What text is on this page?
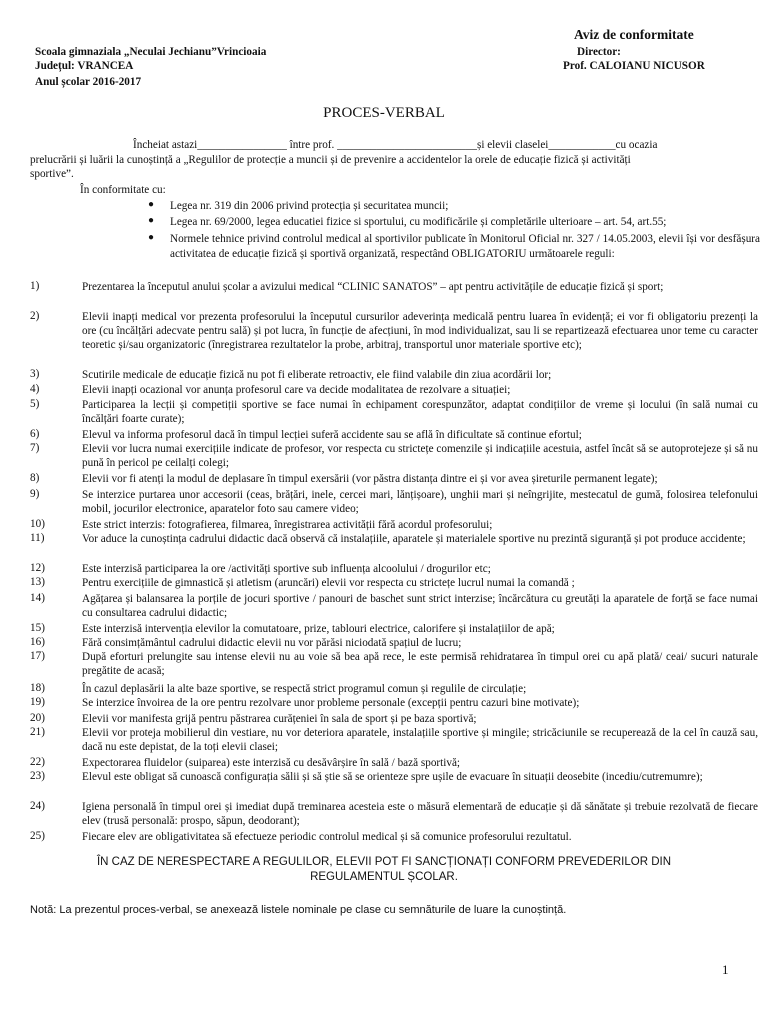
Aviz de conformitate
Scoala gimnaziala „Neculai Jechianu”Vrincioaia	Director:
Județul: VRANCEA	Prof. CALOIANU NICUSOR
Anul școlar 2016-2017
PROCES-VERBAL
Încheiat astazi________________ între prof. _________________________și elevii claselei____________cu ocazia
prelucrării și luării la cunoștință a „Regulilor de protecție a muncii și de prevenire a accidentelor la orele de educație fizică și activități
sportive”.
În conformitate cu:
● Legea nr. 319 din 2006 privind protecția și securitatea muncii;
● Legea nr. 69/2000, legea educatiei fizice si sportului, cu modificările și completările ulterioare – art. 54, art.55;
● Normele tehnice privind controlul medical al sportivilor publicate în Monitorul Oficial nr. 327 / 14.05.2003, elevii își vor desfășura activitatea de educație fizică și sportivă organizată, respectând OBLIGATORIU următoarele reguli:
1)	Prezentarea la începutul anului școlar a avizului medical “CLINIC SANATOS” – apt pentru activitățile de educație fizică și sport;
2)	Elevii inapți medical vor prezenta profesorului la începutul cursurilor adeverința medicală pentru luarea în evidență; ei vor fi obligatoriu prezenți la ore (cu încălțări adecvate pentru sală) și pot lucra, în funcție de afecțiuni, în mod individualizat, sau li se repartizează efectuarea unor teme cu caracter teoretic și/sau organizatoric (înregistrarea rezultatelor la probe, arbitraj, transportul unor materiale sportive etc);
3)	Scutirile medicale de educație fizică nu pot fi eliberate retroactiv, ele fiind valabile din ziua acordării lor;
4)	Elevii inapți ocazional vor anunța profesorul care va decide modalitatea de rezolvare a situației;
5)	Participarea la lecții și competiții sportive se face numai în echipament corespunzător, adaptat condițiilor de vreme și locului (în sală numai cu încălțări foarte curate);
6)	Elevul va informa profesorul dacă în timpul lecției suferă accidente sau se află în dificultate să continue efortul;
7)	Elevii vor lucra numai exercițiile indicate de profesor, vor respecta cu strictețe comenzile și indicațiile acestuia, astfel încât să se autoprotejeze și să nu pună în pericol pe ceilalți colegi;
8)	Elevii vor fi atenți la modul de deplasare în timpul exersării (vor păstra distanța dintre ei și vor avea șireturile permanent legate);
9)	Se interzice purtarea unor accesorii (ceas, brățări, inele, cercei mari, lănțișoare), unghii mari și neîngrijite, mestecatul de gumă, folosirea telefonului mobil, jocurilor electronice, aparatelor foto sau camere video;
10)	Este strict interzis: fotografierea, filmarea, înregistrarea activității fără acordul profesorului;
11)	Vor aduce la cunoștința cadrului didactic dacă observă că instalațiile, aparatele și materialele sportive nu prezintă siguranță și pot produce accidente;
12)	Este interzisă participarea la ore /activități sportive sub influența alcoolului / drogurilor etc;
13)	Pentru exercițiile de gimnastică și atletism (aruncări) elevii vor respecta cu strictețe lucrul numai la comandă ;
14)	Agățarea și balansarea la porțile de jocuri sportive / panouri de baschet sunt strict interzise; încărcătura cu greutăți la aparatele de forță se face numai cu consultarea cadrului didactic;
15)	Este interzisă intervenția elevilor la comutatoare, prize, tablouri electrice, calorifere și instalațiilor de apă;
16)	Fără consimțământul cadrului didactic elevii nu vor părăsi niciodată spațiul de lucru;
17)	După eforturi prelungite sau intense elevii nu au voie să bea apă rece, le este permisă rehidratarea în timpul orei cu apă plată/ ceai/ sucuri naturale pregătite de acasă;
18)	În cazul deplasării la alte baze sportive, se respectă strict programul comun și regulile de circulație;
19)	Se interzice învoirea de la ore pentru rezolvare unor probleme personale (excepții pentru cazuri bine motivate);
20)	Elevii vor manifesta grijă pentru păstrarea curățeniei în sala de sport și pe baza sportivă;
21)	Elevii vor proteja mobilierul din vestiare, nu vor deteriora aparatele, instalațiile sportive și mingile; stricăciunile se recuperează de la cel în cauză sau, dacă nu este depistat, de la toți elevii clasei;
22)	Expectorarea fluidelor (suiparea) este interzisă cu desăvârșire în sală / bază sportivă;
23)	Elevul este obligat să cunoască configurația sălii și să știe să se orienteze spre ușile de evacuare în situații deosebite (incediu/cutremumre);
24)	Igiena personală în timpul orei și imediat după treminarea acesteia este o măsură elementară de educație și dă sănătate și trebuie rezolvată de fiecare elev (trusă personală: prospo, săpun, deodorant);
25)	Fiecare elev are obligativitatea să efectueze periodic controlul medical și să comunice profesorului rezultatul.
ÎN CAZ DE NERESPECTARE A REGULILOR, ELEVII POT FI SANCȚIONAȚI CONFORM PREVEDERILOR DIN
REGULAMENTUL ȘCOLAR.
Notă: La prezentul proces-verbal, se anexează listele nominale pe clase cu semnăturile de luare la cunoștință.
1
